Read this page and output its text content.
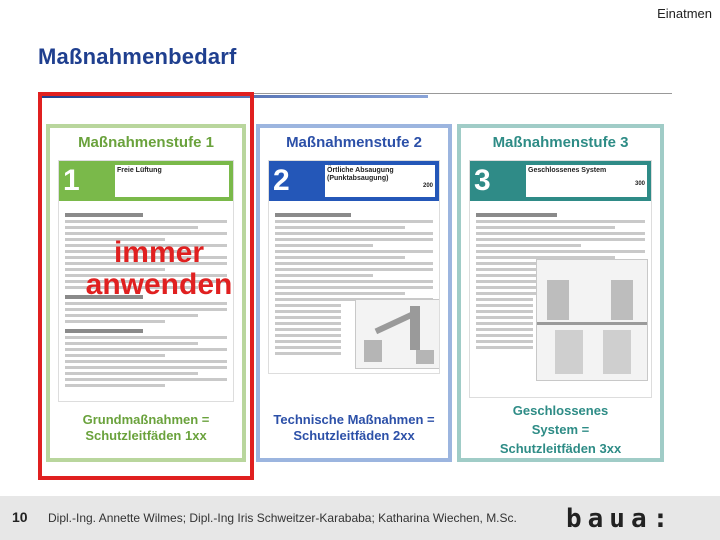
Einatmen
Maßnahmenbedarf
Maßnahmenstufe 1
1	Freie Lüftung
immer
anwenden
Grundmaßnahmen =
Schutzleitfäden 1xx
Maßnahmenstufe 2
2	Örtliche Absaugung (Punktabsaugung)
200
Technische Maßnahmen =
Schutzleitfäden 2xx
Maßnahmenstufe 3
3	Geschlossenes System
300
Geschlossenes
System =
Schutzleitfäden 3xx
10 Dipl.-Ing. Annette Wilmes; Dipl.-Ing Iris Schweitzer-Karababa; Katharina Wiechen, M.Sc. baua:
